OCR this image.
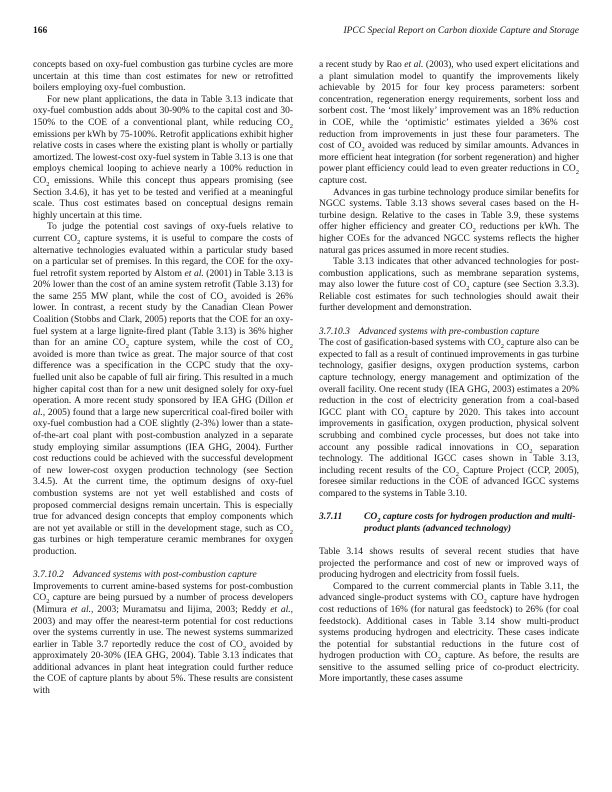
166	IPCC Special Report on Carbon dioxide Capture and Storage

concepts based on oxy-fuel combustion gas turbine cycles are more uncertain at this time than cost estimates for new or retrofitted boilers employing oxy-fuel combustion.

For new plant applications, the data in Table 3.13 indicate that oxy-fuel combustion adds about 30-90% to the capital cost and 30-150% to the COE of a conventional plant, while reducing $CO_2$ emissions per kWh by 75-100%. Retrofit applications exhibit higher relative costs in cases where the existing plant is wholly or partially amortized. The lowest-cost oxy-fuel system in Table 3.13 is one that employs chemical looping to achieve nearly a 100% reduction in $CO_2$ emissions. While this concept thus appears promising (see Section 3.4.6), it has yet to be tested and verified at a meaningful scale. Thus cost estimates based on conceptual designs remain highly uncertain at this time.

To judge the potential cost savings of oxy-fuels relative to current $CO_2$ capture systems, it is useful to compare the costs of alternative technologies evaluated within a particular study based on a particular set of premises. In this regard, the COE for the oxy-fuel retrofit system reported by Alstom et al. (2001) in Table 3.13 is 20% lower than the cost of an amine system retrofit (Table 3.13) for the same 255 MW plant, while the cost of $CO_2$ avoided is 26% lower. In contrast, a recent study by the Canadian Clean Power Coalition (Stobbs and Clark, 2005) reports that the COE for an oxy-fuel system at a large lignite-fired plant (Table 3.13) is 36% higher than for an amine $CO_2$ capture system, while the cost of $CO_2$ avoided is more than twice as great. The major source of that cost difference was a specification in the CCPC study that the oxy-fuelled unit also be capable of full air firing. This resulted in a much higher capital cost than for a new unit designed solely for oxy-fuel operation. A more recent study sponsored by IEA GHG (Dillon et al., 2005) found that a large new supercritical coal-fired boiler with oxy-fuel combustion had a COE slightly (2-3%) lower than a state-of-the-art coal plant with post-combustion analyzed in a separate study employing similar assumptions (IEA GHG, 2004). Further cost reductions could be achieved with the successful development of new lower-cost oxygen production technology (see Section 3.4.5). At the current time, the optimum designs of oxy-fuel combustion systems are not yet well established and costs of proposed commercial designs remain uncertain. This is especially true for advanced design concepts that employ components which are not yet available or still in the development stage, such as $CO_2$ gas turbines or high temperature ceramic membranes for oxygen production.

3.7.10.2 Advanced systems with post-combustion capture

Improvements to current amine-based systems for post-combustion $CO_2$ capture are being pursued by a number of process developers (Mimura et al., 2003; Muramatsu and Iijima, 2003; Reddy et al., 2003) and may offer the nearest-term potential for cost reductions over the systems currently in use. The newest systems summarized earlier in Table 3.7 reportedly reduce the cost of $CO_2$ avoided by approximately 20-30% (IEA GHG, 2004). Table 3.13 indicates that additional advances in plant heat integration could further reduce the COE of capture plants by about 5%. These results are consistent with

a recent study by Rao et al. (2003), who used expert elicitations and a plant simulation model to quantify the improvements likely achievable by 2015 for four key process parameters: sorbent concentration, regeneration energy requirements, sorbent loss and sorbent cost. The ‘most likely’ improvement was an 18% reduction in COE, while the ‘optimistic’ estimates yielded a 36% cost reduction from improvements in just these four parameters. The cost of $CO_2$ avoided was reduced by similar amounts. Advances in more efficient heat integration (for sorbent regeneration) and higher power plant efficiency could lead to even greater reductions in $CO_2$ capture cost.

Advances in gas turbine technology produce similar benefits for NGCC systems. Table 3.13 shows several cases based on the H-turbine design. Relative to the cases in Table 3.9, these systems offer higher efficiency and greater $CO_2$ reductions per kWh. The higher COEs for the advanced NGCC systems reflects the higher natural gas prices assumed in more recent studies.

Table 3.13 indicates that other advanced technologies for post-combustion applications, such as membrane separation systems, may also lower the future cost of $CO_2$ capture (see Section 3.3.3). Reliable cost estimates for such technologies should await their further development and demonstration.

3.7.10.3 Advanced systems with pre-combustion capture

The cost of gasification-based systems with $CO_2$ capture also can be expected to fall as a result of continued improvements in gas turbine technology, gasifier designs, oxygen production systems, carbon capture technology, energy management and optimization of the overall facility. One recent study (IEA GHG, 2003) estimates a 20% reduction in the cost of electricity generation from a coal-based IGCC plant with $CO_2$ capture by 2020. This takes into account improvements in gasification, oxygen production, physical solvent scrubbing and combined cycle processes, but does not take into account any possible radical innovations in $CO_2$ separation technology. The additional IGCC cases shown in Table 3.13, including recent results of the $CO_2$ Capture Project (CCP, 2005), foresee similar reductions in the COE of advanced IGCC systems compared to the systems in Table 3.10.

3.7.11	$CO_2$ capture costs for hydrogen production and multi-product plants (advanced technology)

Table 3.14 shows results of several recent studies that have projected the performance and cost of new or improved ways of producing hydrogen and electricity from fossil fuels.

Compared to the current commercial plants in Table 3.11, the advanced single-product systems with $CO_2$ capture have hydrogen cost reductions of 16% (for natural gas feedstock) to 26% (for coal feedstock). Additional cases in Table 3.14 show multi-product systems producing hydrogen and electricity. These cases indicate the potential for substantial reductions in the future cost of hydrogen production with $CO_2$ capture. As before, the results are sensitive to the assumed selling price of co-product electricity. More importantly, these cases assume
